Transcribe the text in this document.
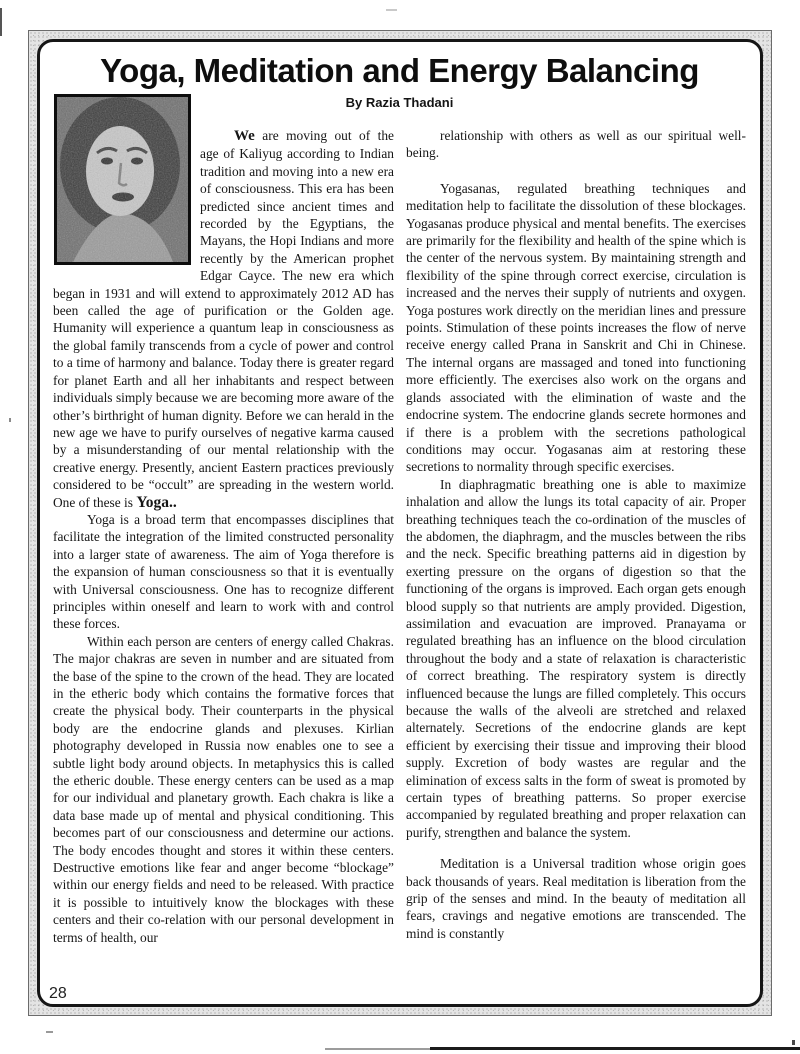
Yoga, Meditation and Energy Balancing
By Razia Thadani

We are moving out of the age of Kaliyug according to Indian tradition and moving into a new era of consciousness. This era has been predicted since ancient times and recorded by the Egyptians, the Mayans, the Hopi Indians and more recently by the American prophet Edgar Cayce. The new era which began in 1931 and will extend to approximately 2012 AD has been called the age of purification or the Golden age. Humanity will experience a quantum leap in consciousness as the global family transcends from a cycle of power and control to a time of harmony and balance. Today there is greater regard for planet Earth and all her inhabitants and respect between individuals simply because we are becoming more aware of the other’s birthright of human dignity. Before we can herald in the new age we have to purify ourselves of negative karma caused by a misunderstanding of our mental relationship with the creative energy. Presently, ancient Eastern practices previously considered to be “occult” are spreading in the western world. One of these is Yoga..

Yoga is a broad term that encompasses disciplines that facilitate the integration of the limited constructed personality into a larger state of awareness. The aim of Yoga therefore is the expansion of human consciousness so that it is eventually with Universal consciousness. One has to recognize different principles within oneself and learn to work with and control these forces.

Within each person are centers of energy called Chakras. The major chakras are seven in number and are situated from the base of the spine to the crown of the head. They are located in the etheric body which contains the formative forces that create the physical body. Their counterparts in the physical body are the endocrine glands and plexuses. Kirlian photography developed in Russia now enables one to see a subtle light body around objects. In metaphysics this is called the etheric double. These energy centers can be used as a map for our individual and planetary growth. Each chakra is like a data base made up of mental and physical conditioning. This becomes part of our consciousness and determine our actions. The body encodes thought and stores it within these centers. Destructive emotions like fear and anger become “blockage” within our energy fields and need to be released. With practice it is possible to intuitively know the blockages with these centers and their co-relation with our personal development in terms of health, our

relationship with others as well as our spiritual well-being.

Yogasanas, regulated breathing techniques and meditation help to facilitate the dissolution of these blockages. Yogasanas produce physical and mental benefits. The exercises are primarily for the flexibility and health of the spine which is the center of the nervous system. By maintaining strength and flexibility of the spine through correct exercise, circulation is increased and the nerves their supply of nutrients and oxygen. Yoga postures work directly on the meridian lines and pressure points. Stimulation of these points increases the flow of nerve receive energy called Prana in Sanskrit and Chi in Chinese. The internal organs are massaged and toned into functioning more efficiently. The exercises also work on the organs and glands associated with the elimination of waste and the endocrine system. The endocrine glands secrete hormones and if there is a problem with the secretions pathological conditions may occur. Yogasanas aim at restoring these secretions to normality through specific exercises.

In diaphragmatic breathing one is able to maximize inhalation and allow the lungs its total capacity of air. Proper breathing techniques teach the co-ordination of the muscles of the abdomen, the diaphragm, and the muscles between the ribs and the neck. Specific breathing patterns aid in digestion by exerting pressure on the organs of digestion so that the functioning of the organs is improved. Each organ gets enough blood supply so that nutrients are amply provided. Digestion, assimilation and evacuation are improved. Pranayama or regulated breathing has an influence on the blood circulation throughout the body and a state of relaxation is characteristic of correct breathing. The respiratory system is directly influenced because the lungs are filled completely. This occurs because the walls of the alveoli are stretched and relaxed alternately. Secretions of the endocrine glands are kept efficient by exercising their tissue and improving their blood supply. Excretion of body wastes are regular and the elimination of excess salts in the form of sweat is promoted by certain types of breathing patterns. So proper exercise accompanied by regulated breathing and proper relaxation can purify, strengthen and balance the system.

Meditation is a Universal tradition whose origin goes back thousands of years. Real meditation is liberation from the grip of the senses and mind. In the beauty of meditation all fears, cravings and negative emotions are transcended. The mind is constantly

28
